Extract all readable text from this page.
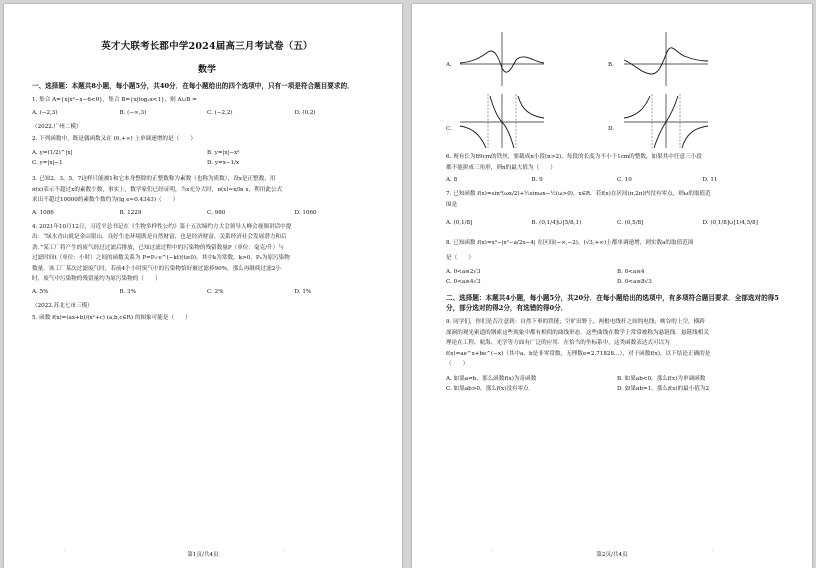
英才大联考长郡中学2024届高三月考试卷（五）
数学
一、选择题：本题共8小题，每小题5分，共40分．在每小题给出的四个选项中，只有一项是符合题目要求的．
1. 集合 A={x|x²−x−6<0}，集合 B={x|log₂x<1}，则 A∪B =
A. (−2,3)	B. (−∞,3)	C. (−2,2)	D. (0,2)
（2022.广州二模）
2. 下列函数中，既是偶函数又在 (0,+∞) 上单调递增的是（　　）
A. y=(1/2)^|x|	B. y=|x|−x²
C. y=|x|−1	D. y=x−1/x
3. 已知2，3，5，7这样只能被1和它本身整除的正整数称为素数（也称为质数），设x是正整数，用
π(x)表示不超过x的素数个数，事实上，数学家们已经证明，当x充分大时，π(x)≈x/ln x，利用此公式
求出不超过10000的素数个数约为(lg e≈0.4343)（　　）
A. 1086	B. 1229	C. 980	D. 1060
4. 2021年10月12日，习近平总书记在《生物多样性公约》第十五次缔约方大会领导人峰会视频讲话中提
出：“绿水青山就是金山银山．良好生态环境既是自然财富，也是经济财富，关系经济社会发展潜力和后
劲．”某工厂将产生的废气经过过滤后排放，已知过滤过程中的污染物的残留数量P（单位：毫克/升）与
过滤时间t（单位：小时）之间的函数关系为 P=P₀·e^(−kt)(t≥0)，其中k为常数，k>0，P₀为原污染物
数量．该工厂某次过滤废气时，若前4个小时废气中的污染物恰好被过滤掉90%，那么再继续过滤2小
时，废气中污染物的残留量约为原污染物的（　　）
A. 5%	B. 3%	C. 2%	D. 1%
（2022.苏北七市三模）
5. 函数 f(x)=(ax+b)/(x²+c) (a,b,c∈R) 的图象可能是（　　）
·	·
第1页/共4页
A.	B.
C.	D.
6. 现有长为89cm的铁丝，要截成n小段(n>2)，每段的长度为不小于1cm的整数，如果其中任意三小段
都不能拼成三角形，则n的最大值为（　　）
A. 8	B. 9	C. 10	D. 11
7. 已知函数 f(x)=sin²(ωx/2)+½sinωx−½(ω>0)，x∈R．若f(x)在区间(π,2π)内没有零点，则ω的取值范
围是
A. (0,1/8]	B. (0,1/4]∪[5/8,1)	C. (0,5/8]	D. (0,1/8]∪[1/4,5/8]
8. 已知函数 f(x)=x³−|x²−a/2x−4| 在区间(−∞,−2)，(√3,+∞)上都单调递增，则实数a的取值范围
是（　　）
A. 0<a≤2√3	B. 0<a≤4
C. 0<a≤4√3	D. 0<a≤8√3
二、选择题：本题共4小题，每小题5分，共20分．在每小题给出的选项中，有多项符合题目要求．全部选对的得5分，部分选对的得2分，有选错的得0分．
9. 同学们，你们是否注意到：自然下垂的铁链；空旷田野上，两根电线杆之间的电线；峡谷的上空，横跨
深涧的观光索道的钢索这些现象中都有相似的曲线形态．这些曲线在数学上常常被称为悬链线．悬链线相关
理论在工程、航海、光学等方面有广泛的应用．在恰当的坐标系中，这类函数表达式可以为
f(x)=ae^x+be^(−x)（其中a，b是非零常数，无理数e=2.71828…），对于函数f(x)，以下结论正确的是
（　　）
A. 如果a=b，那么函数f(x)为奇函数	B. 如果ab<0，那么f(x)为单调函数
C. 如果ab>0，那么f(x)没有零点	D. 如果ab=1，那么f(x)的最小值为2
·	·
第2页/共4页
